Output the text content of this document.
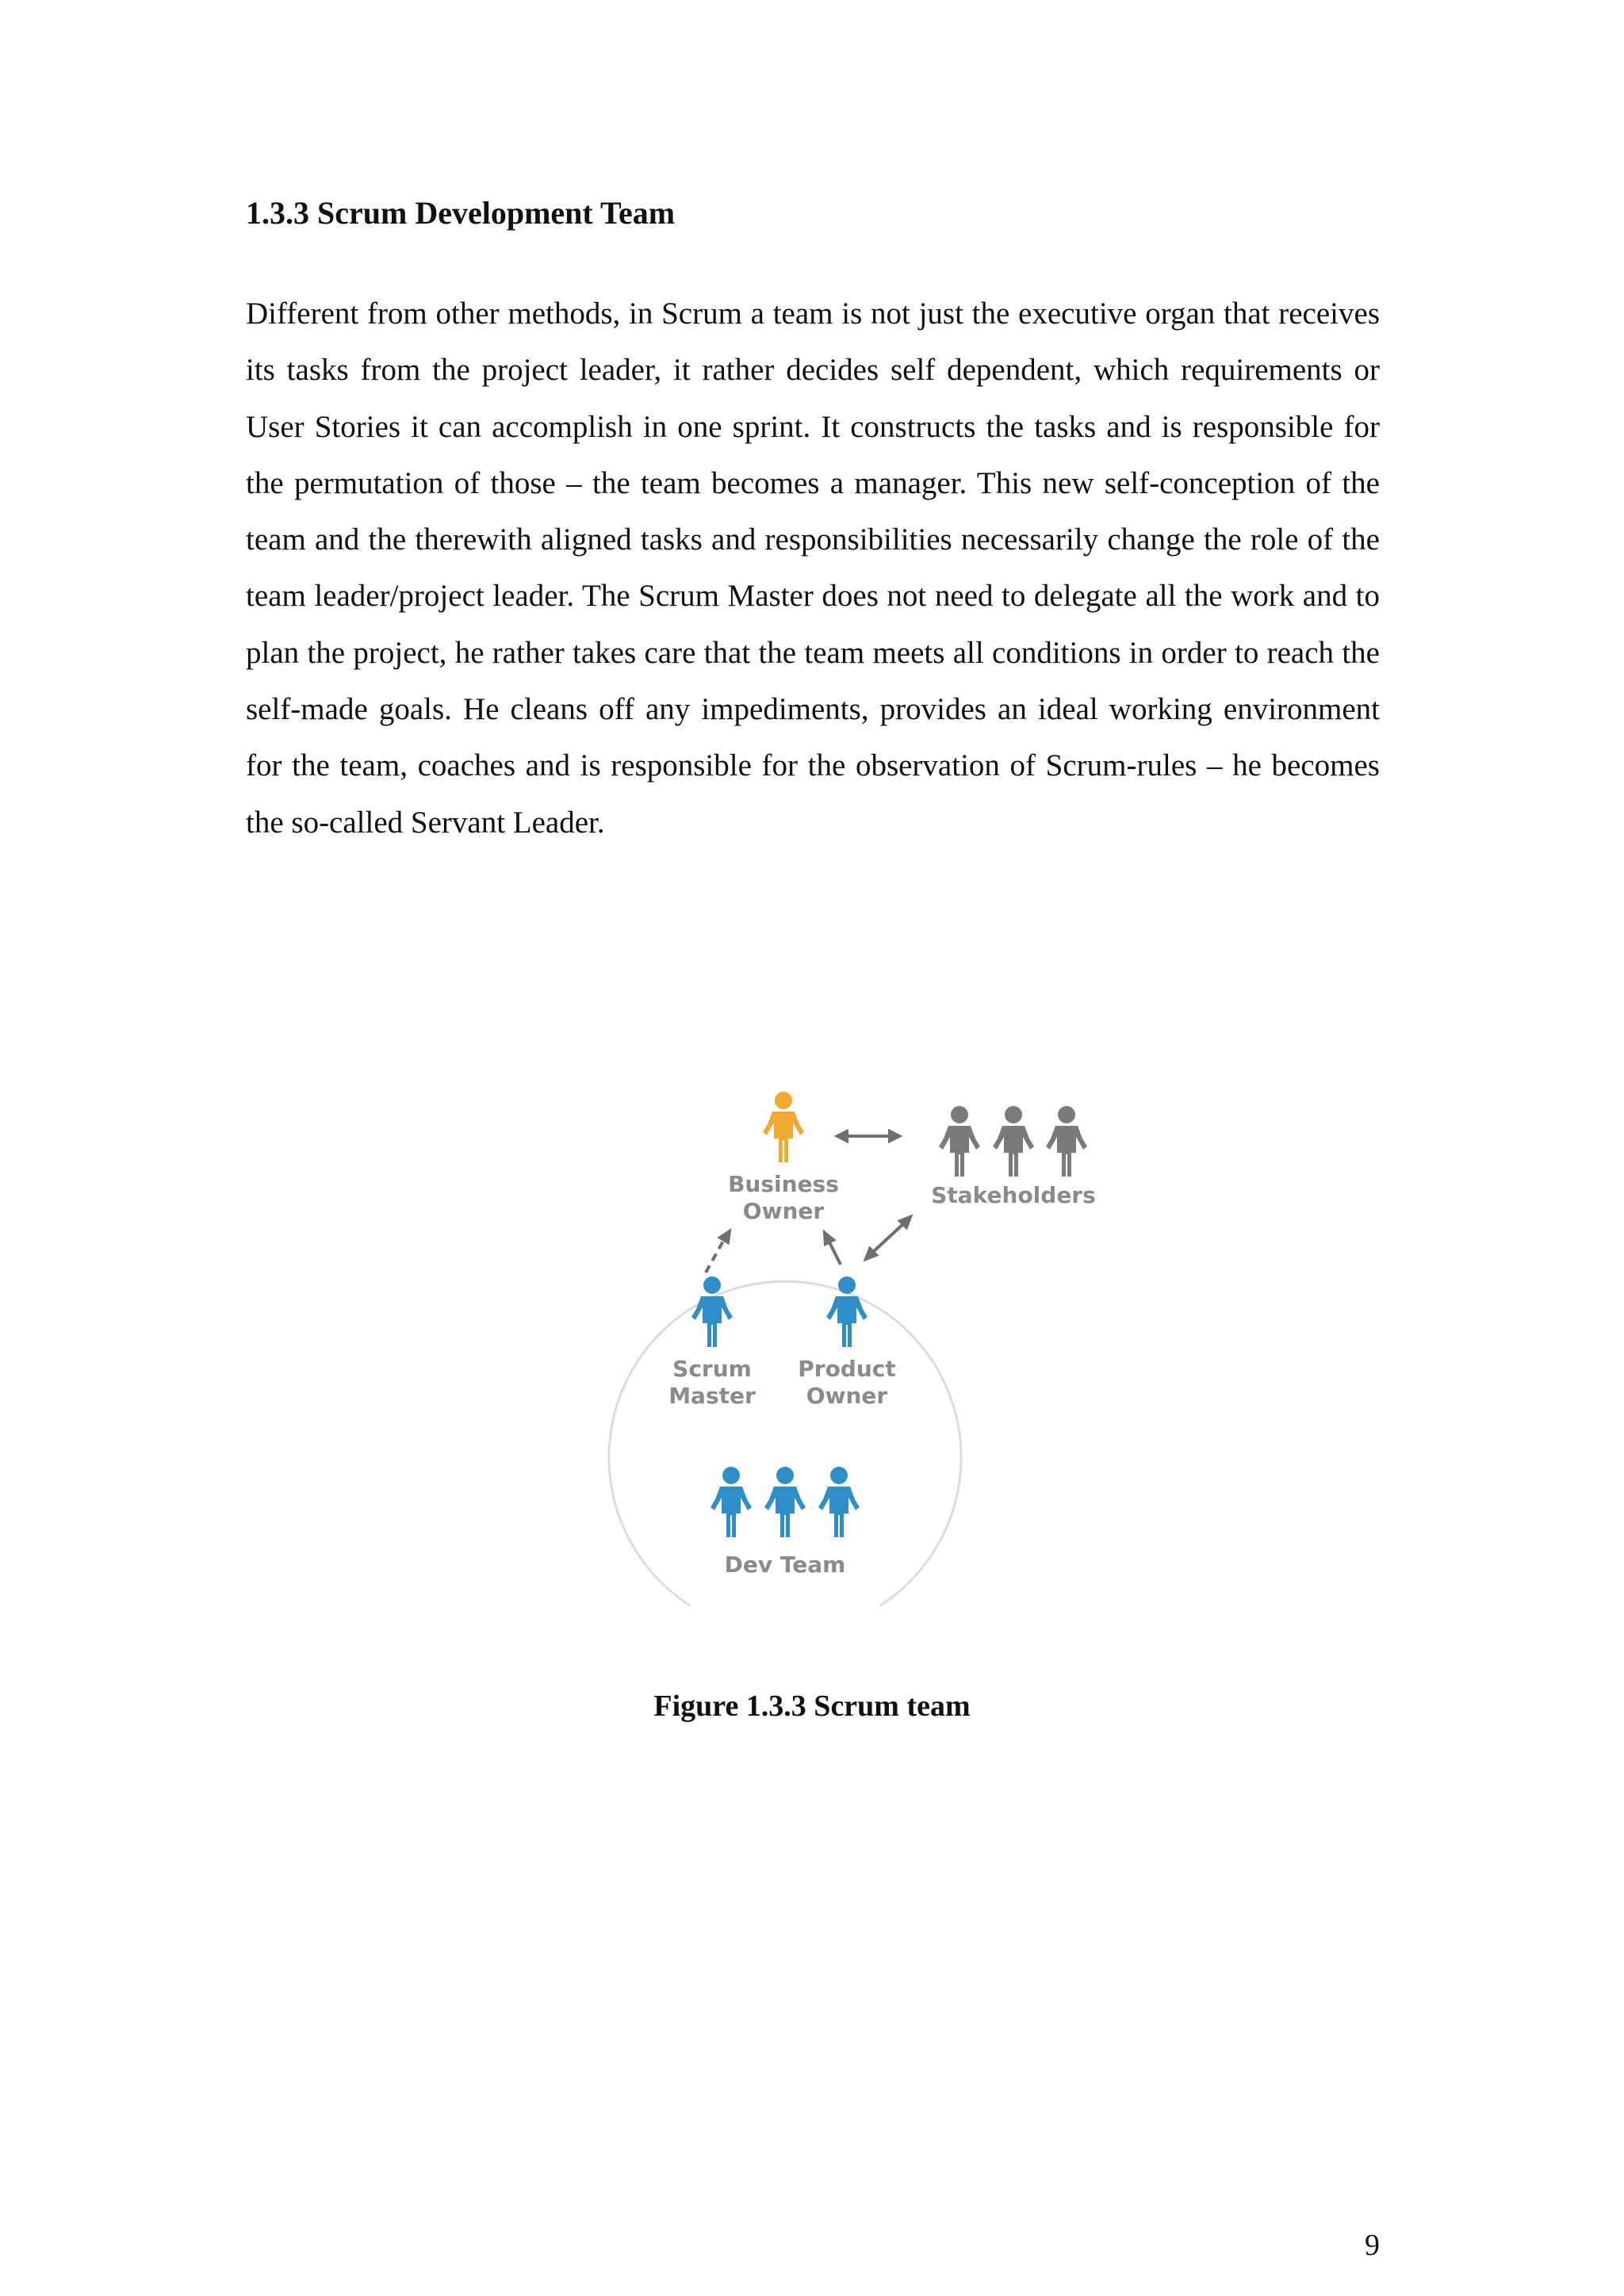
1.3.3 Scrum Development Team

Different from other methods, in Scrum a team is not just the executive organ that receives its tasks from the project leader, it rather decides self dependent, which requirements or User Stories it can accomplish in one sprint. It constructs the tasks and is responsible for the permutation of those – the team becomes a manager. This new self-conception of the team and the therewith aligned tasks and responsibilities necessarily change the role of the team leader/project leader. The Scrum Master does not need to delegate all the work and to plan the project, he rather takes care that the team meets all conditions in order to reach the self-made goals. He cleans off any impediments, provides an ideal working environment for the team, coaches and is responsible for the observation of Scrum-rules – he becomes the so-called Servant Leader.

Business
Owner
Stakeholders
Scrum
Master
Product
Owner
Dev Team

Figure 1.3.3 Scrum team

9
